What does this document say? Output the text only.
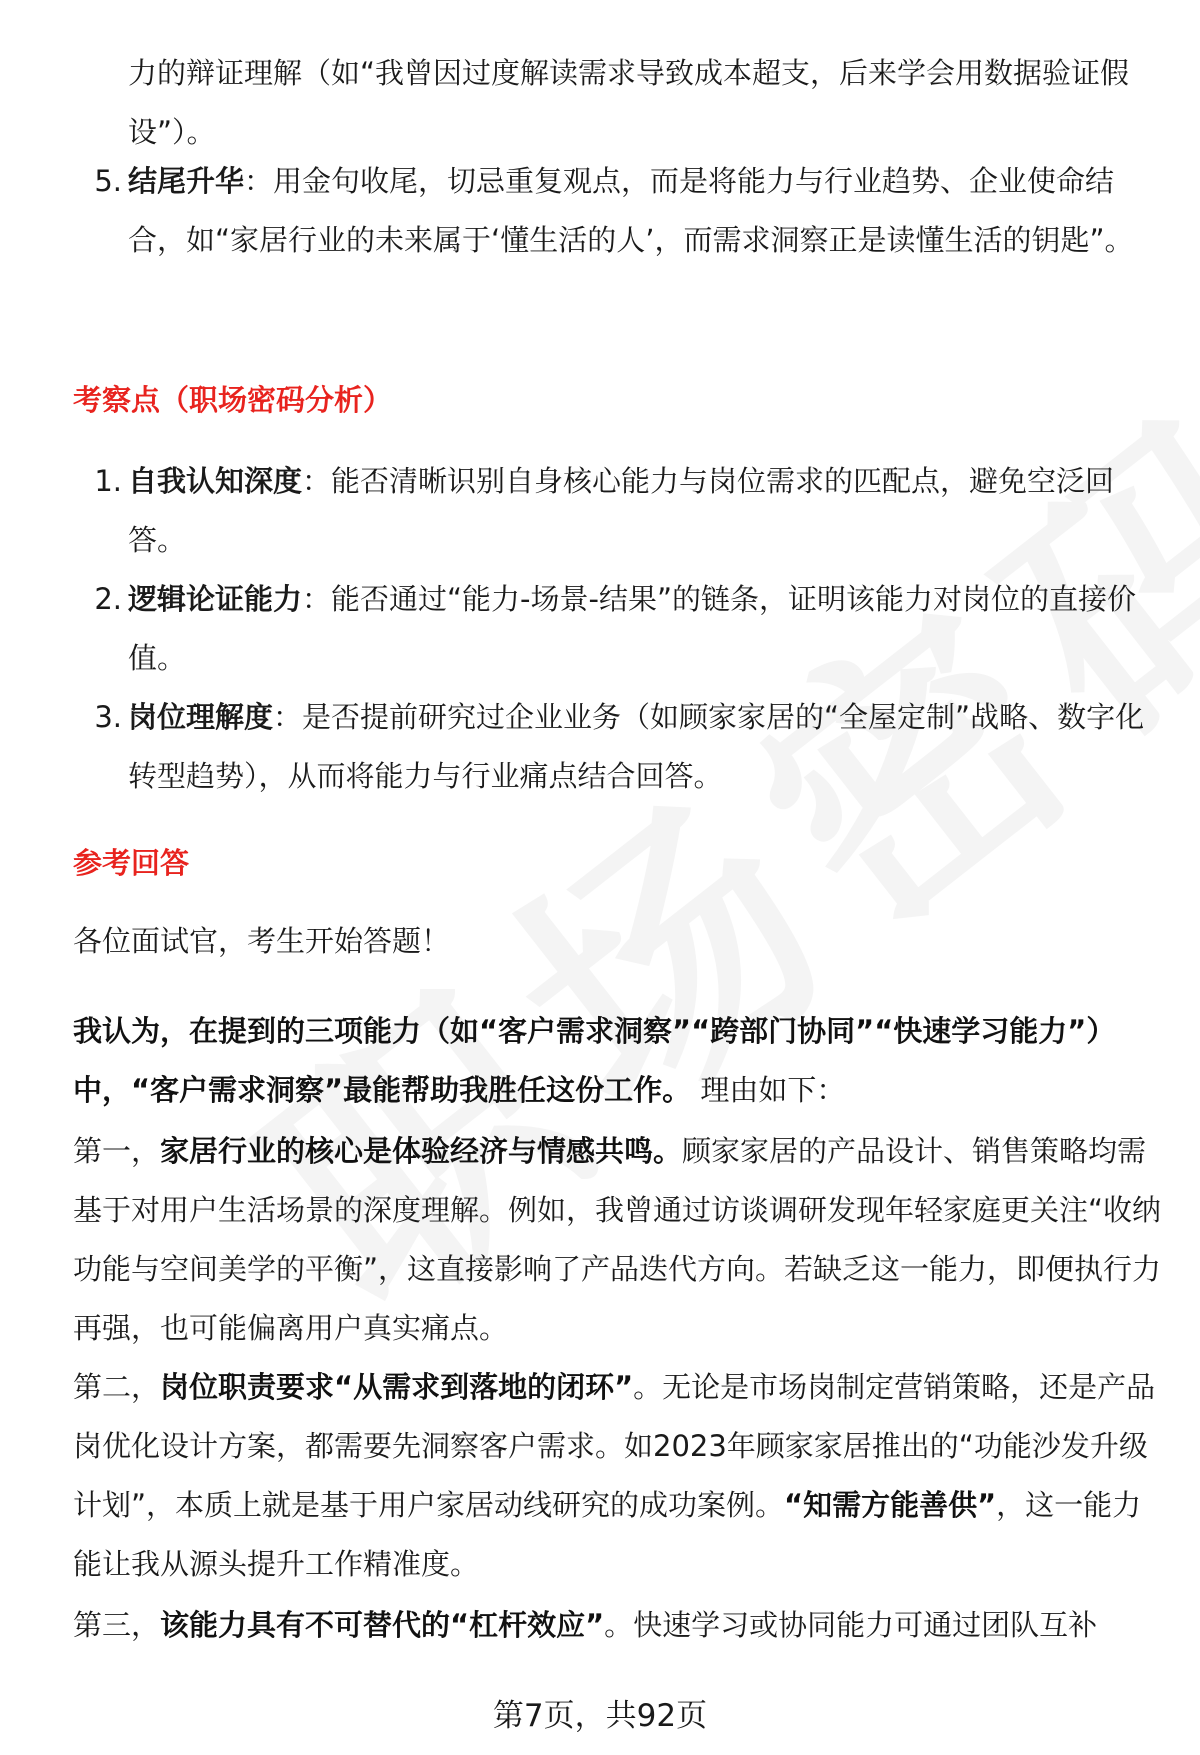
力的辩证理解（如“我曾因过度解读需求导致成本超支，后来学会用数据验证假设”）。
5. 结尾升华：用金句收尾，切忌重复观点，而是将能力与行业趋势、企业使命结合，如“家居行业的未来属于‘懂生活的人’，而需求洞察正是读懂生活的钥匙”。
考察点（职场密码分析）
1. 自我认知深度：能否清晰识别自身核心能力与岗位需求的匹配点，避免空泛回答。
2. 逻辑论证能力：能否通过“能力-场景-结果”的链条，证明该能力对岗位的直接价值。
3. 岗位理解度：是否提前研究过企业业务（如顾家家居的“全屋定制”战略、数字化转型趋势），从而将能力与行业痛点结合回答。
参考回答
各位面试官，考生开始答题！
我认为，在提到的三项能力（如“客户需求洞察”“跨部门协同”“快速学习能力”）中，“客户需求洞察”最能帮助我胜任这份工作。 理由如下：
第一，家居行业的核心是体验经济与情感共鸣。顾家家居的产品设计、销售策略均需基于对用户生活场景的深度理解。例如，我曾通过访谈调研发现年轻家庭更关注“收纳功能与空间美学的平衡”，这直接影响了产品迭代方向。若缺乏这一能力，即便执行力再强，也可能偏离用户真实痛点。
第二，岗位职责要求“从需求到落地的闭环”。无论是市场岗制定营销策略，还是产品岗优化设计方案，都需要先洞察客户需求。如2023年顾家家居推出的“功能沙发升级计划”，本质上就是基于用户家居动线研究的成功案例。“知需方能善供”，这一能力能让我从源头提升工作精准度。
第三，该能力具有不可替代的“杠杆效应”。快速学习或协同能力可通过团队互补
第7页，共92页
